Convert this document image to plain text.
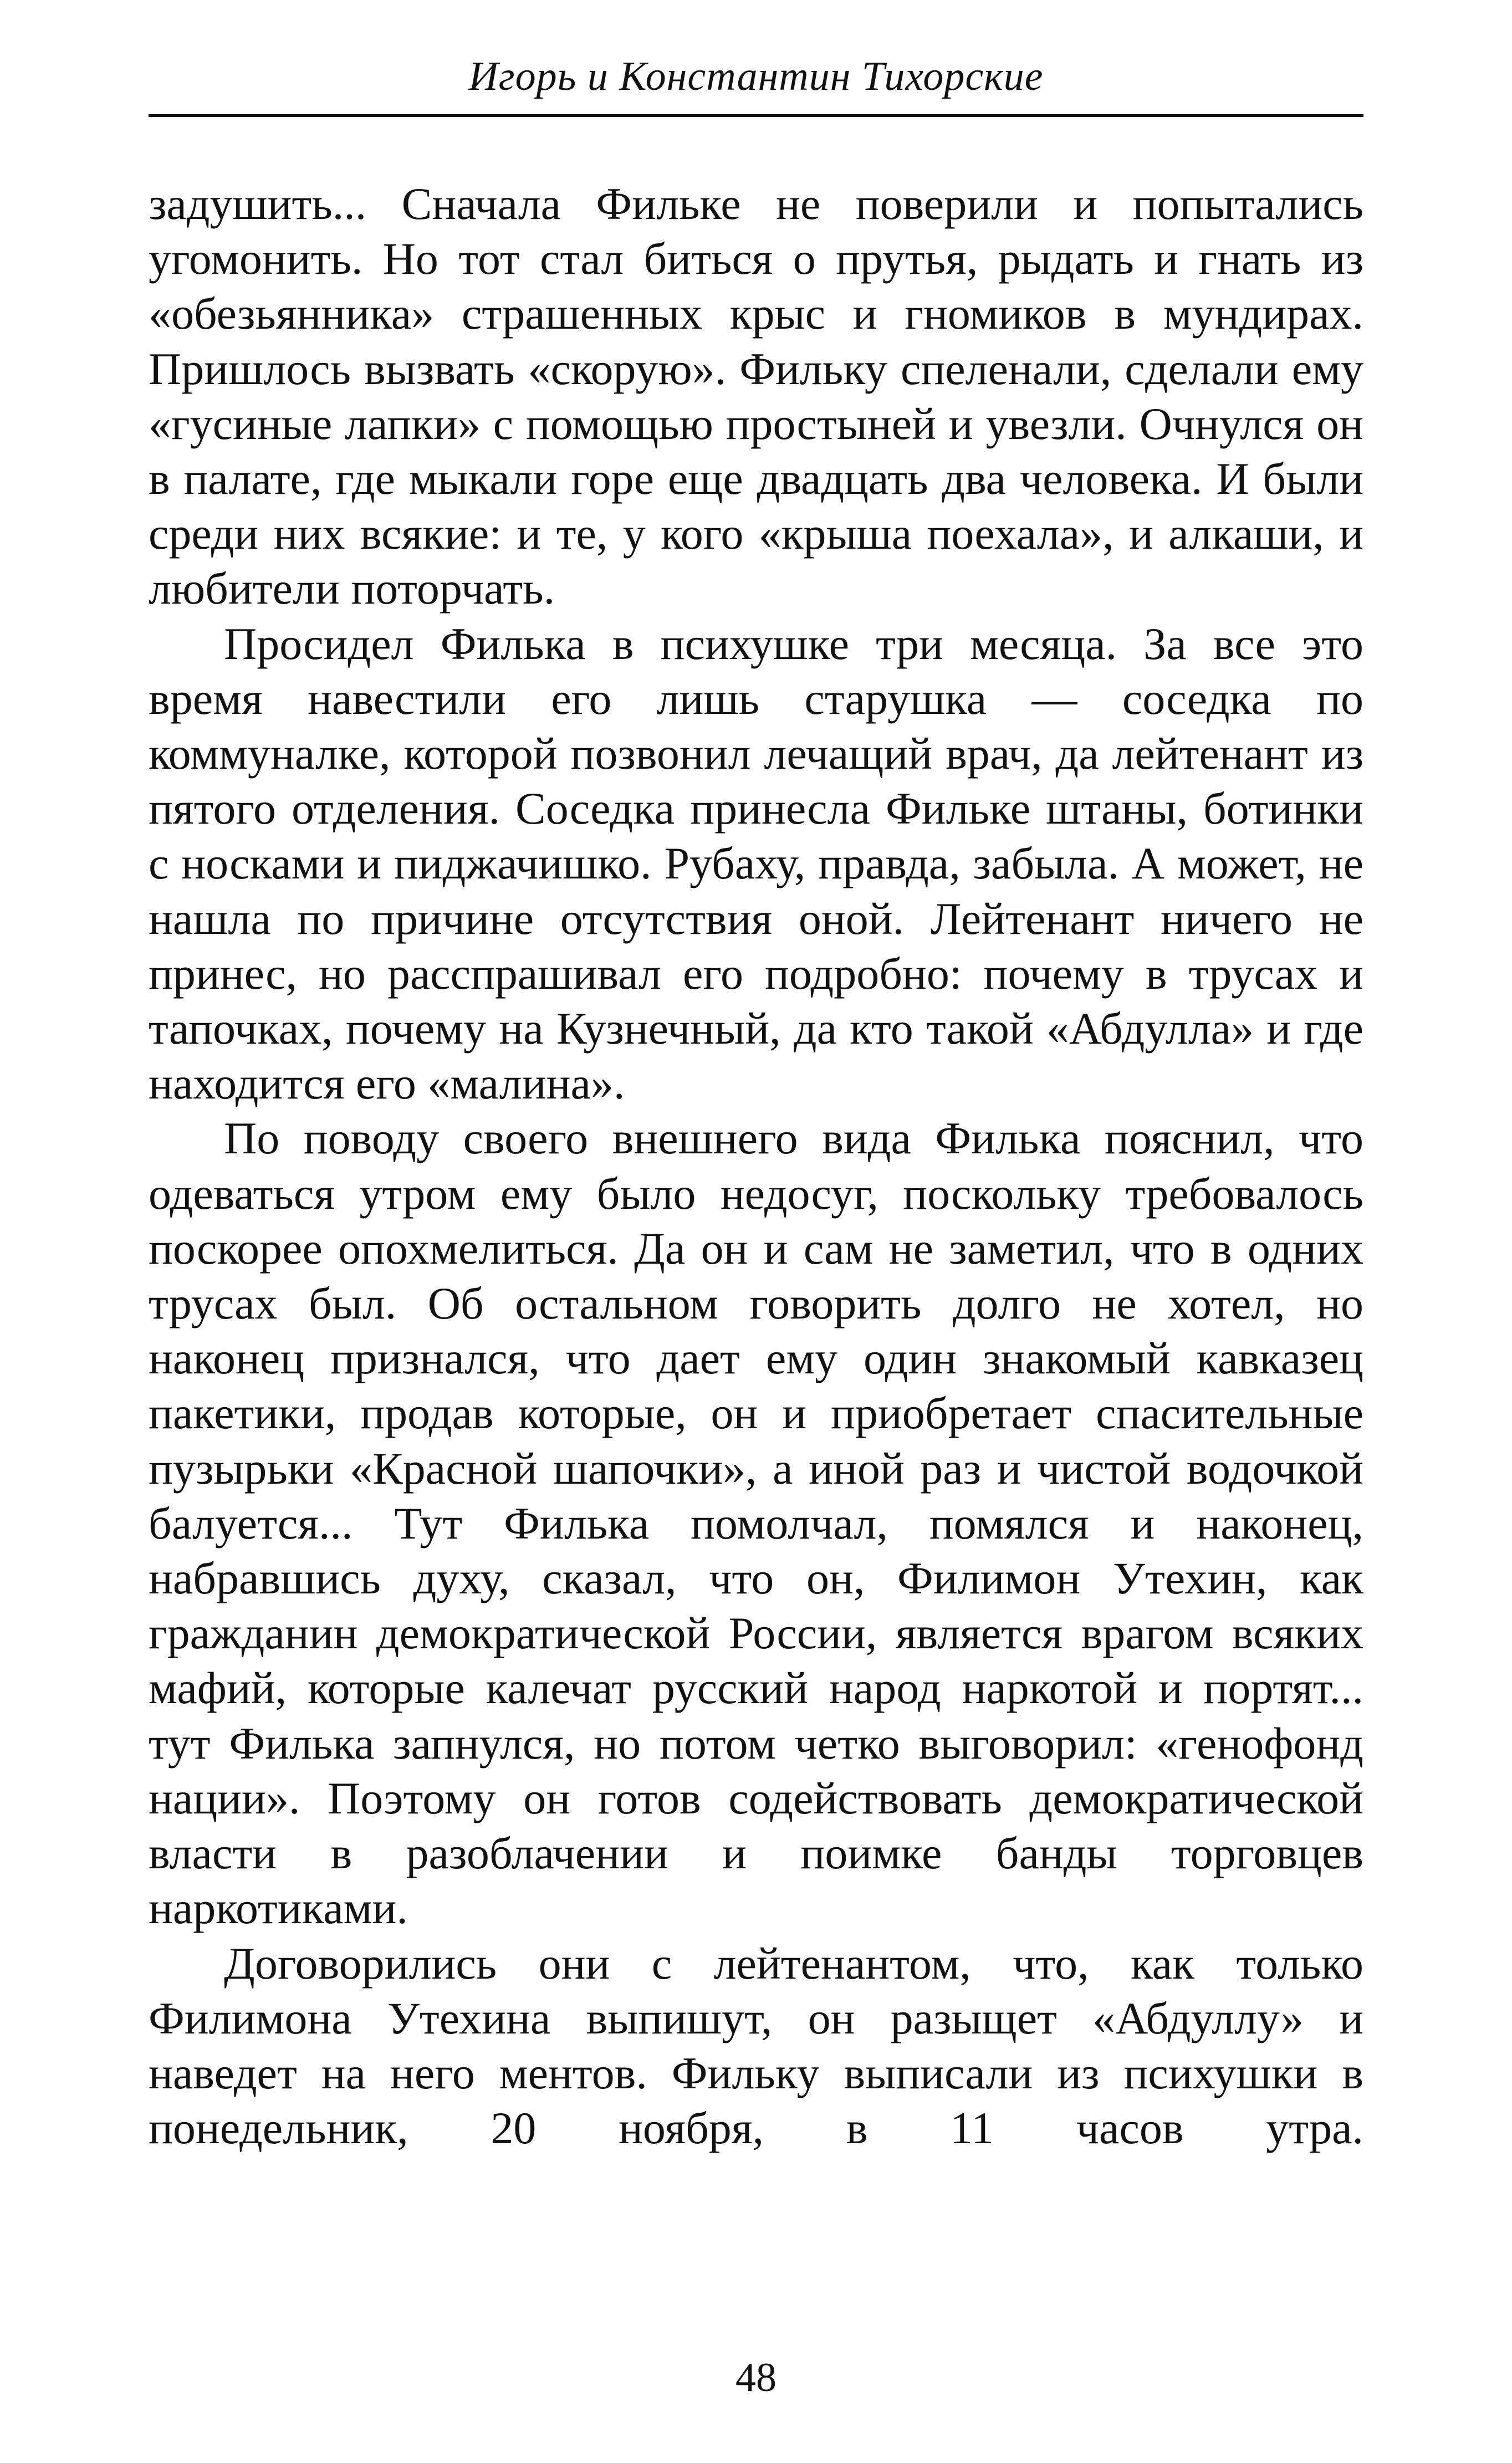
Игорь и Константин Тихорские

задушить... Сначала Фильке не поверили и попытались угомонить. Но тот стал биться о прутья, рыдать и гнать из «обезьянника» страшенных крыс и гномиков в мундирах. Пришлось вызвать «скорую». Фильку спеленали, сделали ему «гусиные лапки» с помощью простыней и увезли. Очнулся он в палате, где мыкали горе еще двадцать два человека. И были среди них всякие: и те, у кого «крыша поехала», и алкаши, и любители поторчать.

Просидел Филька в психушке три месяца. За все это время навестили его лишь старушка — соседка по коммуналке, которой позвонил лечащий врач, да лейтенант из пятого отделения. Соседка принесла Фильке штаны, ботинки с носками и пиджачишко. Рубаху, правда, забыла. А может, не нашла по причине отсутствия оной. Лейтенант ничего не принес, но расспрашивал его подробно: почему в трусах и тапочках, почему на Кузнечный, да кто такой «Абдулла» и где находится его «малина».

По поводу своего внешнего вида Филька пояснил, что одеваться утром ему было недосуг, поскольку требовалось поскорее опохмелиться. Да он и сам не заметил, что в одних трусах был. Об остальном говорить долго не хотел, но наконец признался, что дает ему один знакомый кавказец пакетики, продав которые, он и приобретает спасительные пузырьки «Красной шапочки», а иной раз и чистой водочкой балуется... Тут Филька помолчал, помялся и наконец, набравшись духу, сказал, что он, Филимон Утехин, как гражданин демократической России, является врагом всяких мафий, которые калечат русский народ наркотой и портят... тут Филька запнулся, но потом четко выговорил: «генофонд нации». Поэтому он готов содействовать демократической власти в разоблачении и поимке банды торговцев наркотиками.

Договорились они с лейтенантом, что, как только Филимона Утехина выпишут, он разыщет «Абдуллу» и наведет на него ментов. Фильку выписали из психушки в понедельник, 20 ноября, в 11 часов утра.

48
